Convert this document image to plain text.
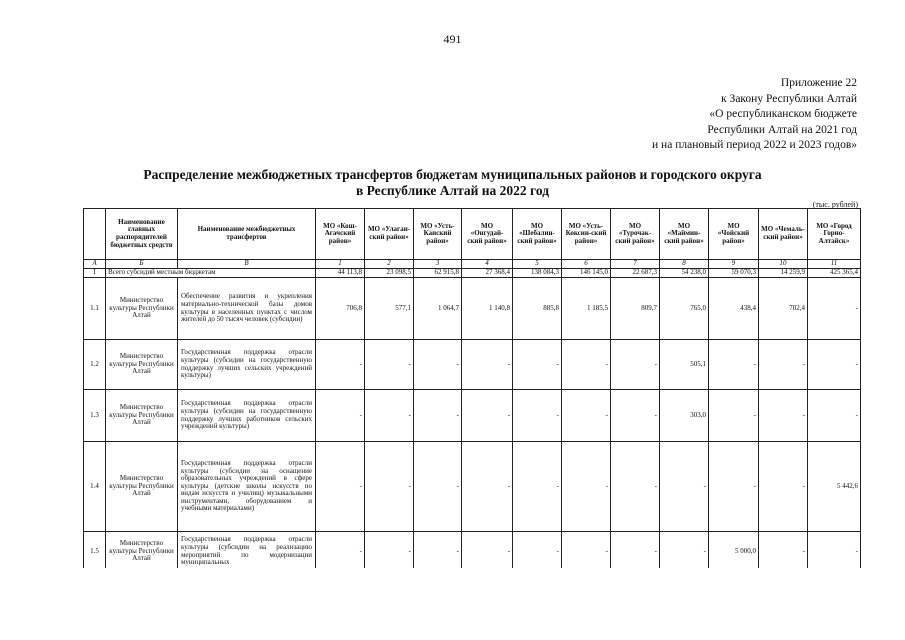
491
Приложение 22
к Закону Республики Алтай
«О республиканском бюджете
Республики Алтай на 2021 год
и на плановый период 2022 и 2023 годов»
Распределение межбюджетных трансфертов бюджетам муниципальных районов и городского округа
в Республике Алтай на 2022 год
(тыс. рублей)
	Наименование главных распорядителей бюджетных средств	Наименование межбюджетных трансфертов	МО «Кош-Агачский район»	МО «Улаган-ский район»	МО «Усть-Канский район»	МО «Онгудай-ский район»	МО «Шебалин-ский район»	МО «Усть-Коксин-ский район»	МО «Турочак-ский район»	МО «Маймин-ский район»	МО «Чойский район»	МО «Чемаль-ский район»	МО «Город Горно-Алтайск»
А	Б	В	1	2	3	4	5	6	7	8	9	10	11
I	Всего субсидий местным бюджетам		44 113,8	23 098,5	62 915,8	27 368,4	138 084,3	146 145,0	22 687,3	54 238,0	59 070,3	14 259,9	425 365,4
1.1	Министерство культуры Республики Алтай	Обеспечение развития и укрепления материально-технической базы домов культуры в населенных пунктах с числом жителей до 50 тысяч человек (субсидии)	706,8	577,1	1 064,7	1 140,8	885,8	1 185,5	809,7	765,0	438,4	702,4	-
1.2	Министерство культуры Республики Алтай	Государственная поддержка отрасли культуры (субсидии на государственную поддержку лучших сельских учреждений культуры)	-	-	-	-	-	-	-	505,1	-	-	-
1.3	Министерство культуры Республики Алтай	Государственная поддержка отрасли культуры (субсидии на государственную поддержку лучших работников сельских учреждений культуры)	-	-	-	-	-	-	-	303,0	-	-	-
1.4	Министерство культуры Республики Алтай	Государственная поддержка отрасли культуры (субсидии на оснащение образовательных учреждений в сфере культуры (детские школы искусств по видам искусств и училищ) музыкальными инструментами, оборудованием и учебными материалами)	-	-	-	-	-	-	-	-	-	-	5 442,6
1.5	Министерство культуры Республики Алтай	Государственная поддержка отрасли культуры (субсидии на реализацию мероприятий по модернизации муниципальных	-	-	-	-	-	-	-	-	5 000,0	-	-
